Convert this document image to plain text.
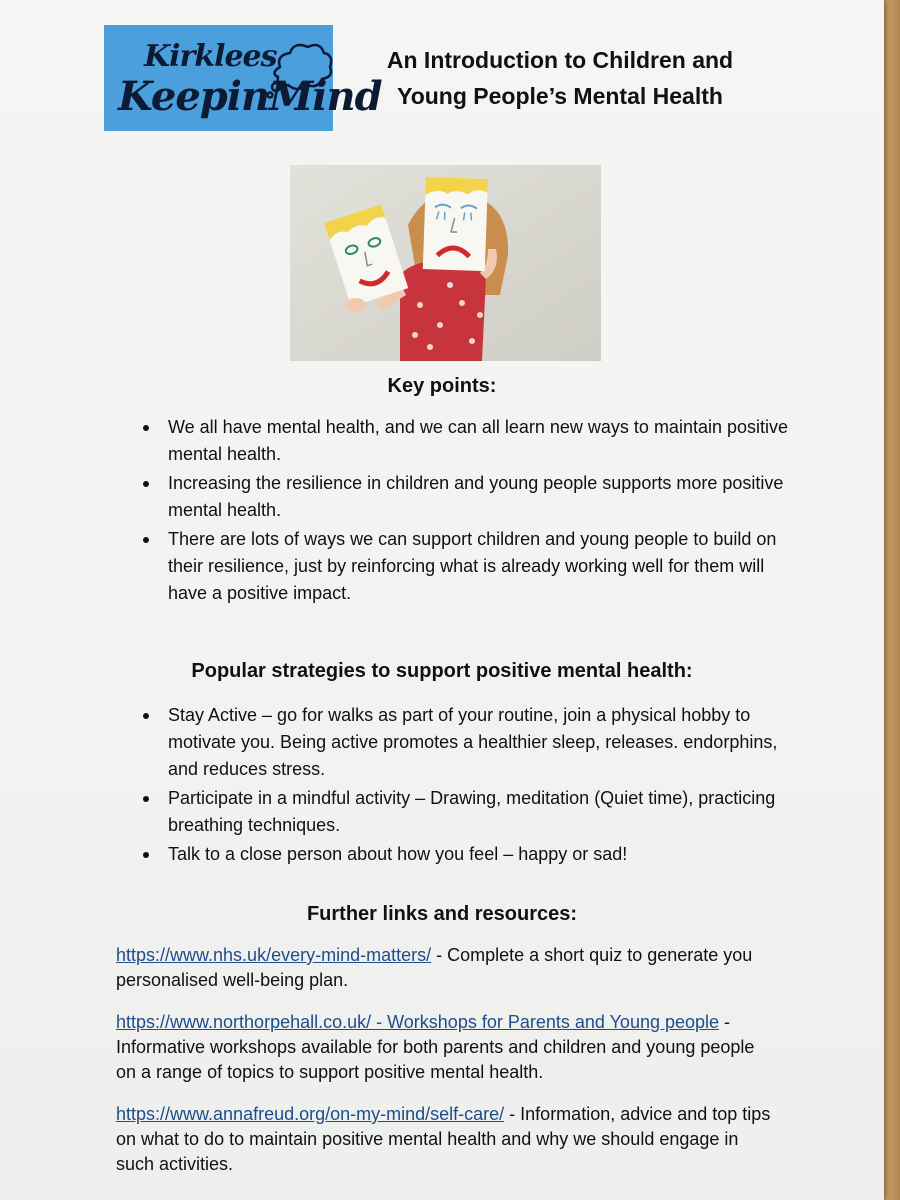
Kirklees
KeepinMind
An Introduction to Children and
Young People’s Mental Health
Key points:
We all have mental health, and we can all learn new ways to maintain positive mental health.
Increasing the resilience in children and young people supports more positive mental health.
There are lots of ways we can support children and young people to build on their resilience, just by reinforcing what is already working well for them will have a positive impact.
Popular strategies to support positive mental health:
Stay Active – go for walks as part of your routine, join a physical hobby to motivate you. Being active promotes a healthier sleep, releases. endorphins, and reduces stress.
Participate in a mindful activity – Drawing, meditation (Quiet time), practicing breathing techniques.
Talk to a close person about how you feel – happy or sad!
Further links and resources:

https://www.nhs.uk/every-mind-matters/ - Complete a short quiz to generate you personalised well-being plan.

https://www.northorpehall.co.uk/ - Workshops for Parents and Young people - Informative workshops available for both parents and children and young people on a range of topics to support positive mental health.

https://www.annafreud.org/on-my-mind/self-care/ - Information, advice and top tips on what to do to maintain positive mental health and why we should engage in such activities.
